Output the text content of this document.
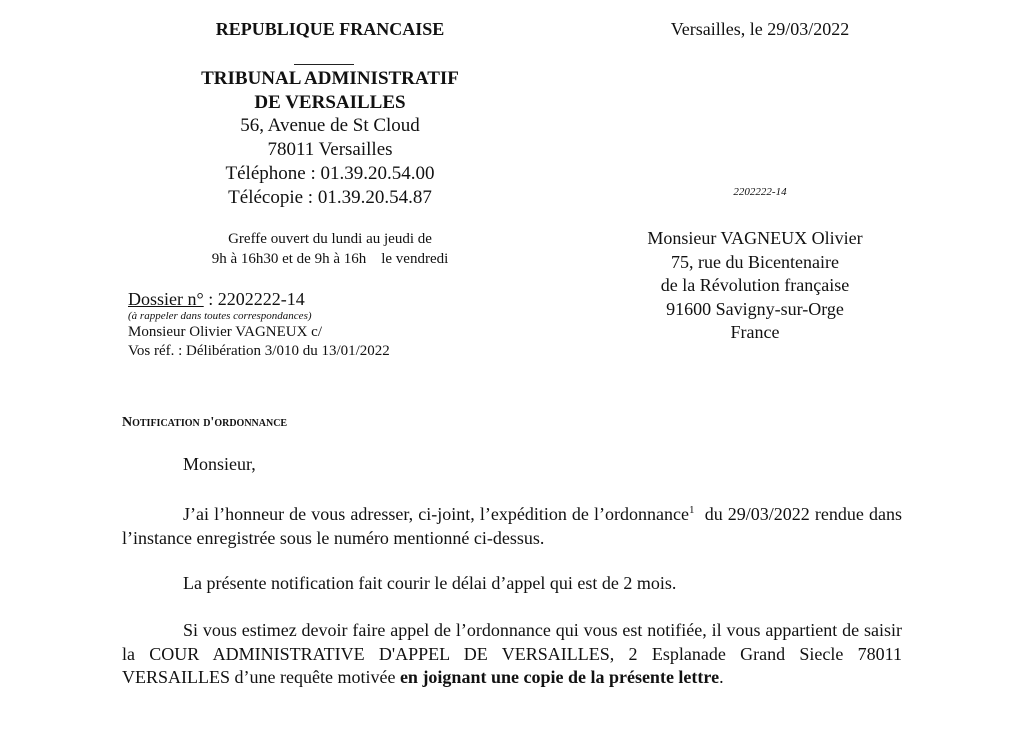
REPUBLIQUE FRANCAISE
TRIBUNAL ADMINISTRATIF
DE VERSAILLES
56, Avenue de St Cloud
78011 Versailles
Téléphone : 01.39.20.54.00
Télécopie : 01.39.20.54.87
Greffe ouvert du lundi au jeudi de
9h à 16h30 et de 9h à 16h    le vendredi
Dossier n° : 2202222-14
(à rappeler dans toutes correspondances)
Monsieur Olivier VAGNEUX c/
Vos réf. : Délibération 3/010 du 13/01/2022
Versailles, le 29/03/2022
2202222-14
Monsieur VAGNEUX Olivier
75, rue du Bicentenaire
de la Révolution française
91600 Savigny-sur-Orge
France
Notification d'ordonnance
Monsieur,
J’ai l’honneur de vous adresser, ci-joint, l’expédition de l’ordonnance$^1$  du 29/03/2022 rendue dans l’instance enregistrée sous le numéro mentionné ci-dessus.
La présente notification fait courir le délai d’appel qui est de 2 mois.
Si vous estimez devoir faire appel de l’ordonnance qui vous est notifiée, il vous appartient de saisir la COUR ADMINISTRATIVE D'APPEL DE VERSAILLES, 2 Esplanade Grand Siecle 78011 VERSAILLES d’une requête motivée en joignant une copie de la présente lettre.
